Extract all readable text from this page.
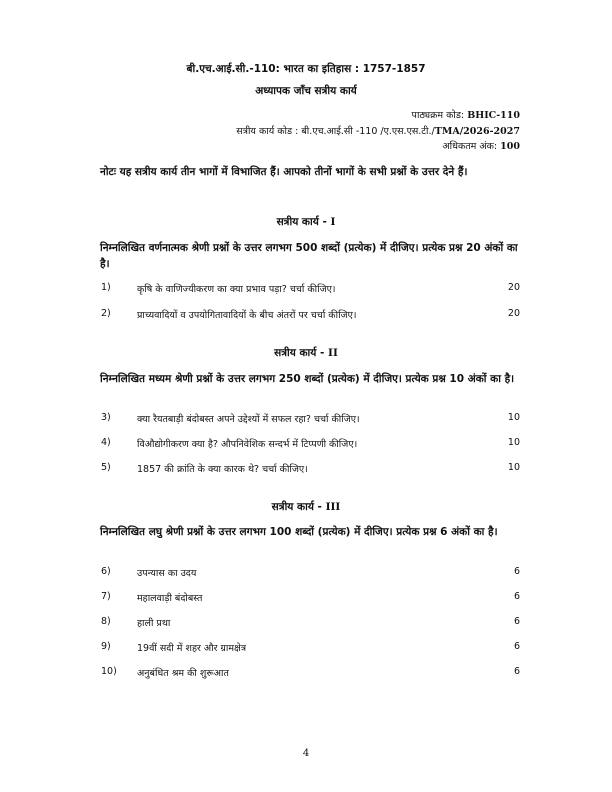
बी.एच.आई.सी.-110: भारत का इतिहास : 1757-1857
अध्यापक जाँच सत्रीय कार्य
पाठ्यक्रम कोड: BHIC-110
सत्रीय कार्य कोड : बी.एच.आई.सी -110 /ए.एस.एस.टी./TMA/2026-2027
अधिकतम अंक: 100
नोटः यह सत्रीय कार्य तीन भागों में विभाजित हैं। आपको तीनों भागों के सभी प्रश्नों के उत्तर देने हैं।
सत्रीय कार्य - I
निम्नलिखित वर्णनात्मक श्रेणी प्रश्नों के उत्तर लगभग 500 शब्दों (प्रत्येक) में दीजिए। प्रत्येक प्रश्न 20 अंकों का है।
1)	कृषि के वाणिज्यीकरण का क्या प्रभाव पड़ा? चर्चा कीजिए।	20
2)	प्राच्यवादियों व उपयोगितावादियों के बीच अंतरों पर चर्चा कीजिए।	20
सत्रीय कार्य - II
निम्नलिखित मध्यम श्रेणी प्रश्नों के उत्तर लगभग 250 शब्दों (प्रत्येक) में दीजिए। प्रत्येक प्रश्न 10 अंकों का है।
3)	क्या रैयतबाड़ी बंदोबस्त अपने उद्देश्यों में सफल रहा? चर्चा कीजिए।	10
4)	विऔद्योगीकरण क्या है? औपनिवेशिक सन्दर्भ में टिप्पणी कीजिए।	10
5)	1857 की क्रांति के क्या कारक थे? चर्चा कीजिए।	10
सत्रीय कार्य - III
निम्नलिखित लघु श्रेणी प्रश्नों के उत्तर लगभग 100 शब्दों (प्रत्येक) में दीजिए। प्रत्येक प्रश्न 6 अंकों का है।
6)	उपन्यास का उदय	6
7)	महालवाड़ी बंदोबस्त	6
8)	हाली प्रथा	6
9)	19वीं सदी में शहर और ग्रामक्षेत्र	6
10) अनुबंधित श्रम की शुरूआत	6
4
